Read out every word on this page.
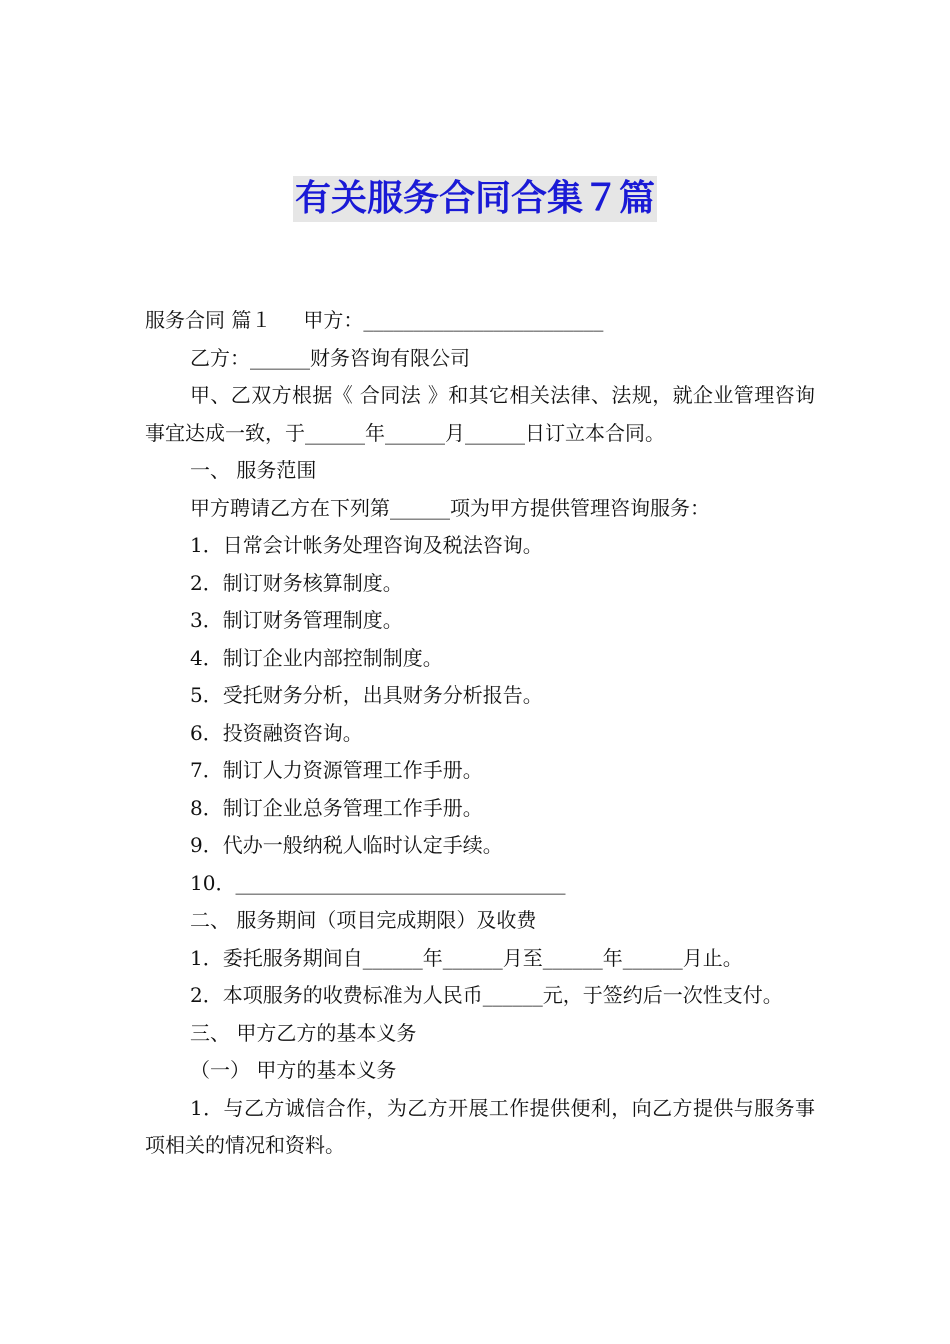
有关服务合同合集７篇

服务合同 篇１ 甲方：________________________

乙方：______财务咨询有限公司

甲、乙双方根据《 合同法 》和其它相关法律、法规，就企业管理咨询事宜达成一致，于______年______月______日订立本合同。

一、 服务范围

甲方聘请乙方在下列第______项为甲方提供管理咨询服务：

1．日常会计帐务处理咨询及税法咨询。

2．制订财务核算制度。

3．制订财务管理制度。

4．制订企业内部控制制度。

5．受托财务分析，出具财务分析报告。

6．投资融资咨询。

7．制订人力资源管理工作手册。

8．制订企业总务管理工作手册。

9．代办一般纳税人临时认定手续。

10．_________________________________

二、 服务期间（项目完成期限）及收费

1．委托服务期间自______年______月至______年______月止。

2．本项服务的收费标准为人民币______元，于签约后一次性支付。

三、 甲方乙方的基本义务

（一） 甲方的基本义务

1．与乙方诚信合作，为乙方开展工作提供便利，向乙方提供与服务事项相关的情况和资料。
